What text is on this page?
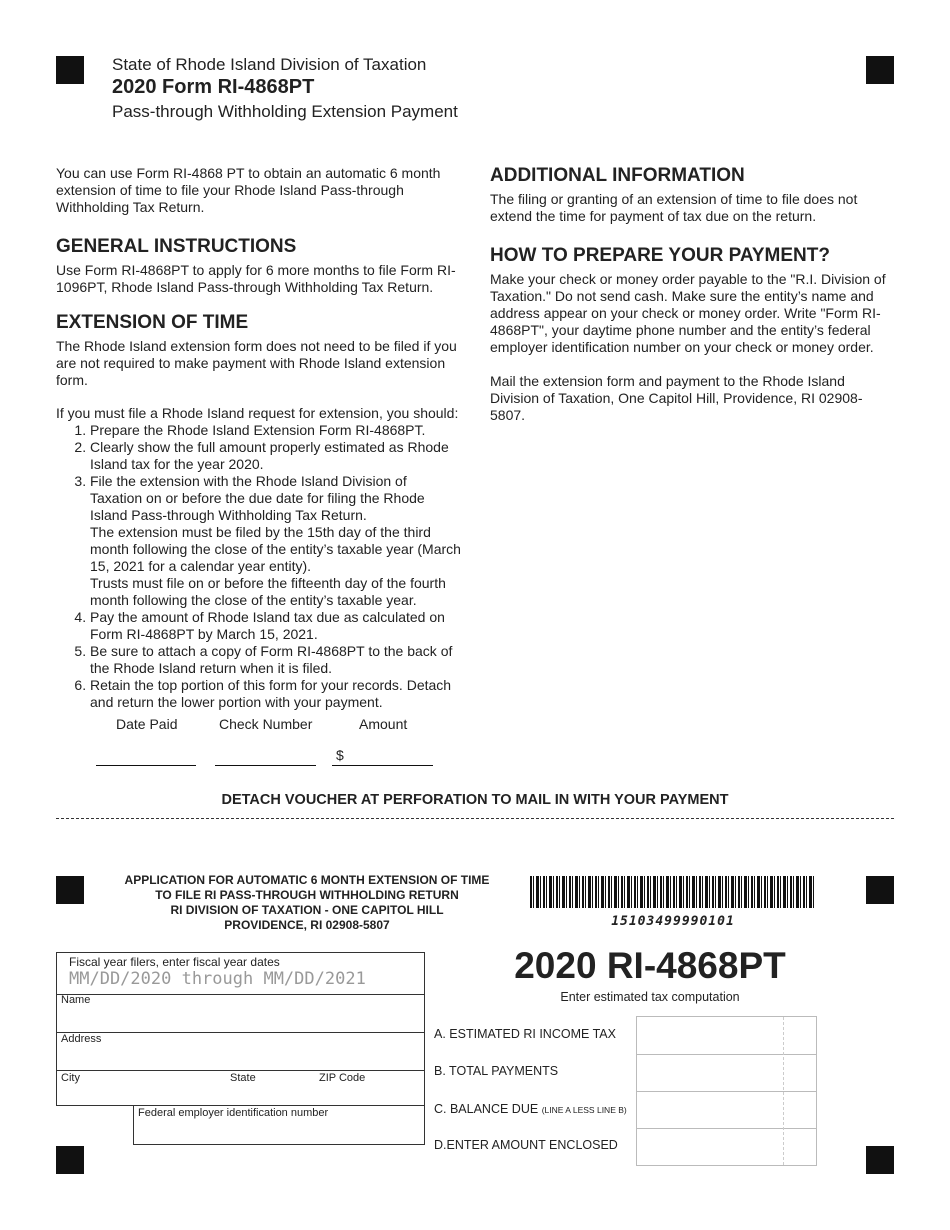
State of Rhode Island Division of Taxation
2020 Form RI-4868PT
Pass-through Withholding Extension Payment

You can use Form RI-4868 PT to obtain an automatic 6 month extension of time to file your Rhode Island Pass-through Withholding Tax Return.

GENERAL INSTRUCTIONS

Use Form RI-4868PT to apply for 6 more months to file Form RI-1096PT, Rhode Island Pass-through Withholding Tax Return.

EXTENSION OF TIME

The Rhode Island extension form does not need to be filed if you are not required to make payment with Rhode Island extension form.

If you must file a Rhode Island request for extension, you should:

1. Prepare the Rhode Island Extension Form RI-4868PT.
2. Clearly show the full amount properly estimated as Rhode Island tax for the year 2020.
3. File the extension with the Rhode Island Division of Taxation on or before the due date for filing the Rhode Island Pass-through Withholding Tax Return.
The extension must be filed by the 15th day of the third month following the close of the entity’s taxable year (March 15, 2021 for a calendar year entity).
Trusts must file on or before the fifteenth day of the fourth month following the close of the entity’s taxable year.
4. Pay the amount of Rhode Island tax due as calculated on Form RI-4868PT by March 15, 2021.
5. Be sure to attach a copy of Form RI-4868PT to the back of the Rhode Island return when it is filed.
6. Retain the top portion of this form for your records. Detach and return the lower portion with your payment.
ADDITIONAL INFORMATION

The filing or granting of an extension of time to file does not extend the time for payment of tax due on the return.

HOW TO PREPARE YOUR PAYMENT?

Make your check or money order payable to the "R.I. Division of Taxation." Do not send cash. Make sure the entity’s name and address appear on your check or money order. Write "Form RI-4868PT", your daytime phone number and the entity’s federal employer identification number on your check or money order.

Mail the extension form and payment to the Rhode Island Division of Taxation, One Capitol Hill, Providence, RI 02908-5807.

Date Paid	Check Number	Amount
$
DETACH VOUCHER AT PERFORATION TO MAIL IN WITH YOUR PAYMENT
APPLICATION FOR AUTOMATIC 6 MONTH EXTENSION OF TIME
TO FILE RI PASS-THROUGH WITHHOLDING RETURN
RI DIVISION OF TAXATION - ONE CAPITOL HILL
PROVIDENCE, RI 02908-5807	15103499990101
2020 RI-4868PT
Enter estimated tax computation
Fiscal year filers, enter fiscal year dates
MM/DD/2020 through MM/DD/2021
Name
Address
City	State	ZIP Code
Federal employer identification number
A. ESTIMATED RI INCOME TAX
B. TOTAL PAYMENTS
C. BALANCE DUE (LINE A LESS LINE B)
D.ENTER AMOUNT ENCLOSED
